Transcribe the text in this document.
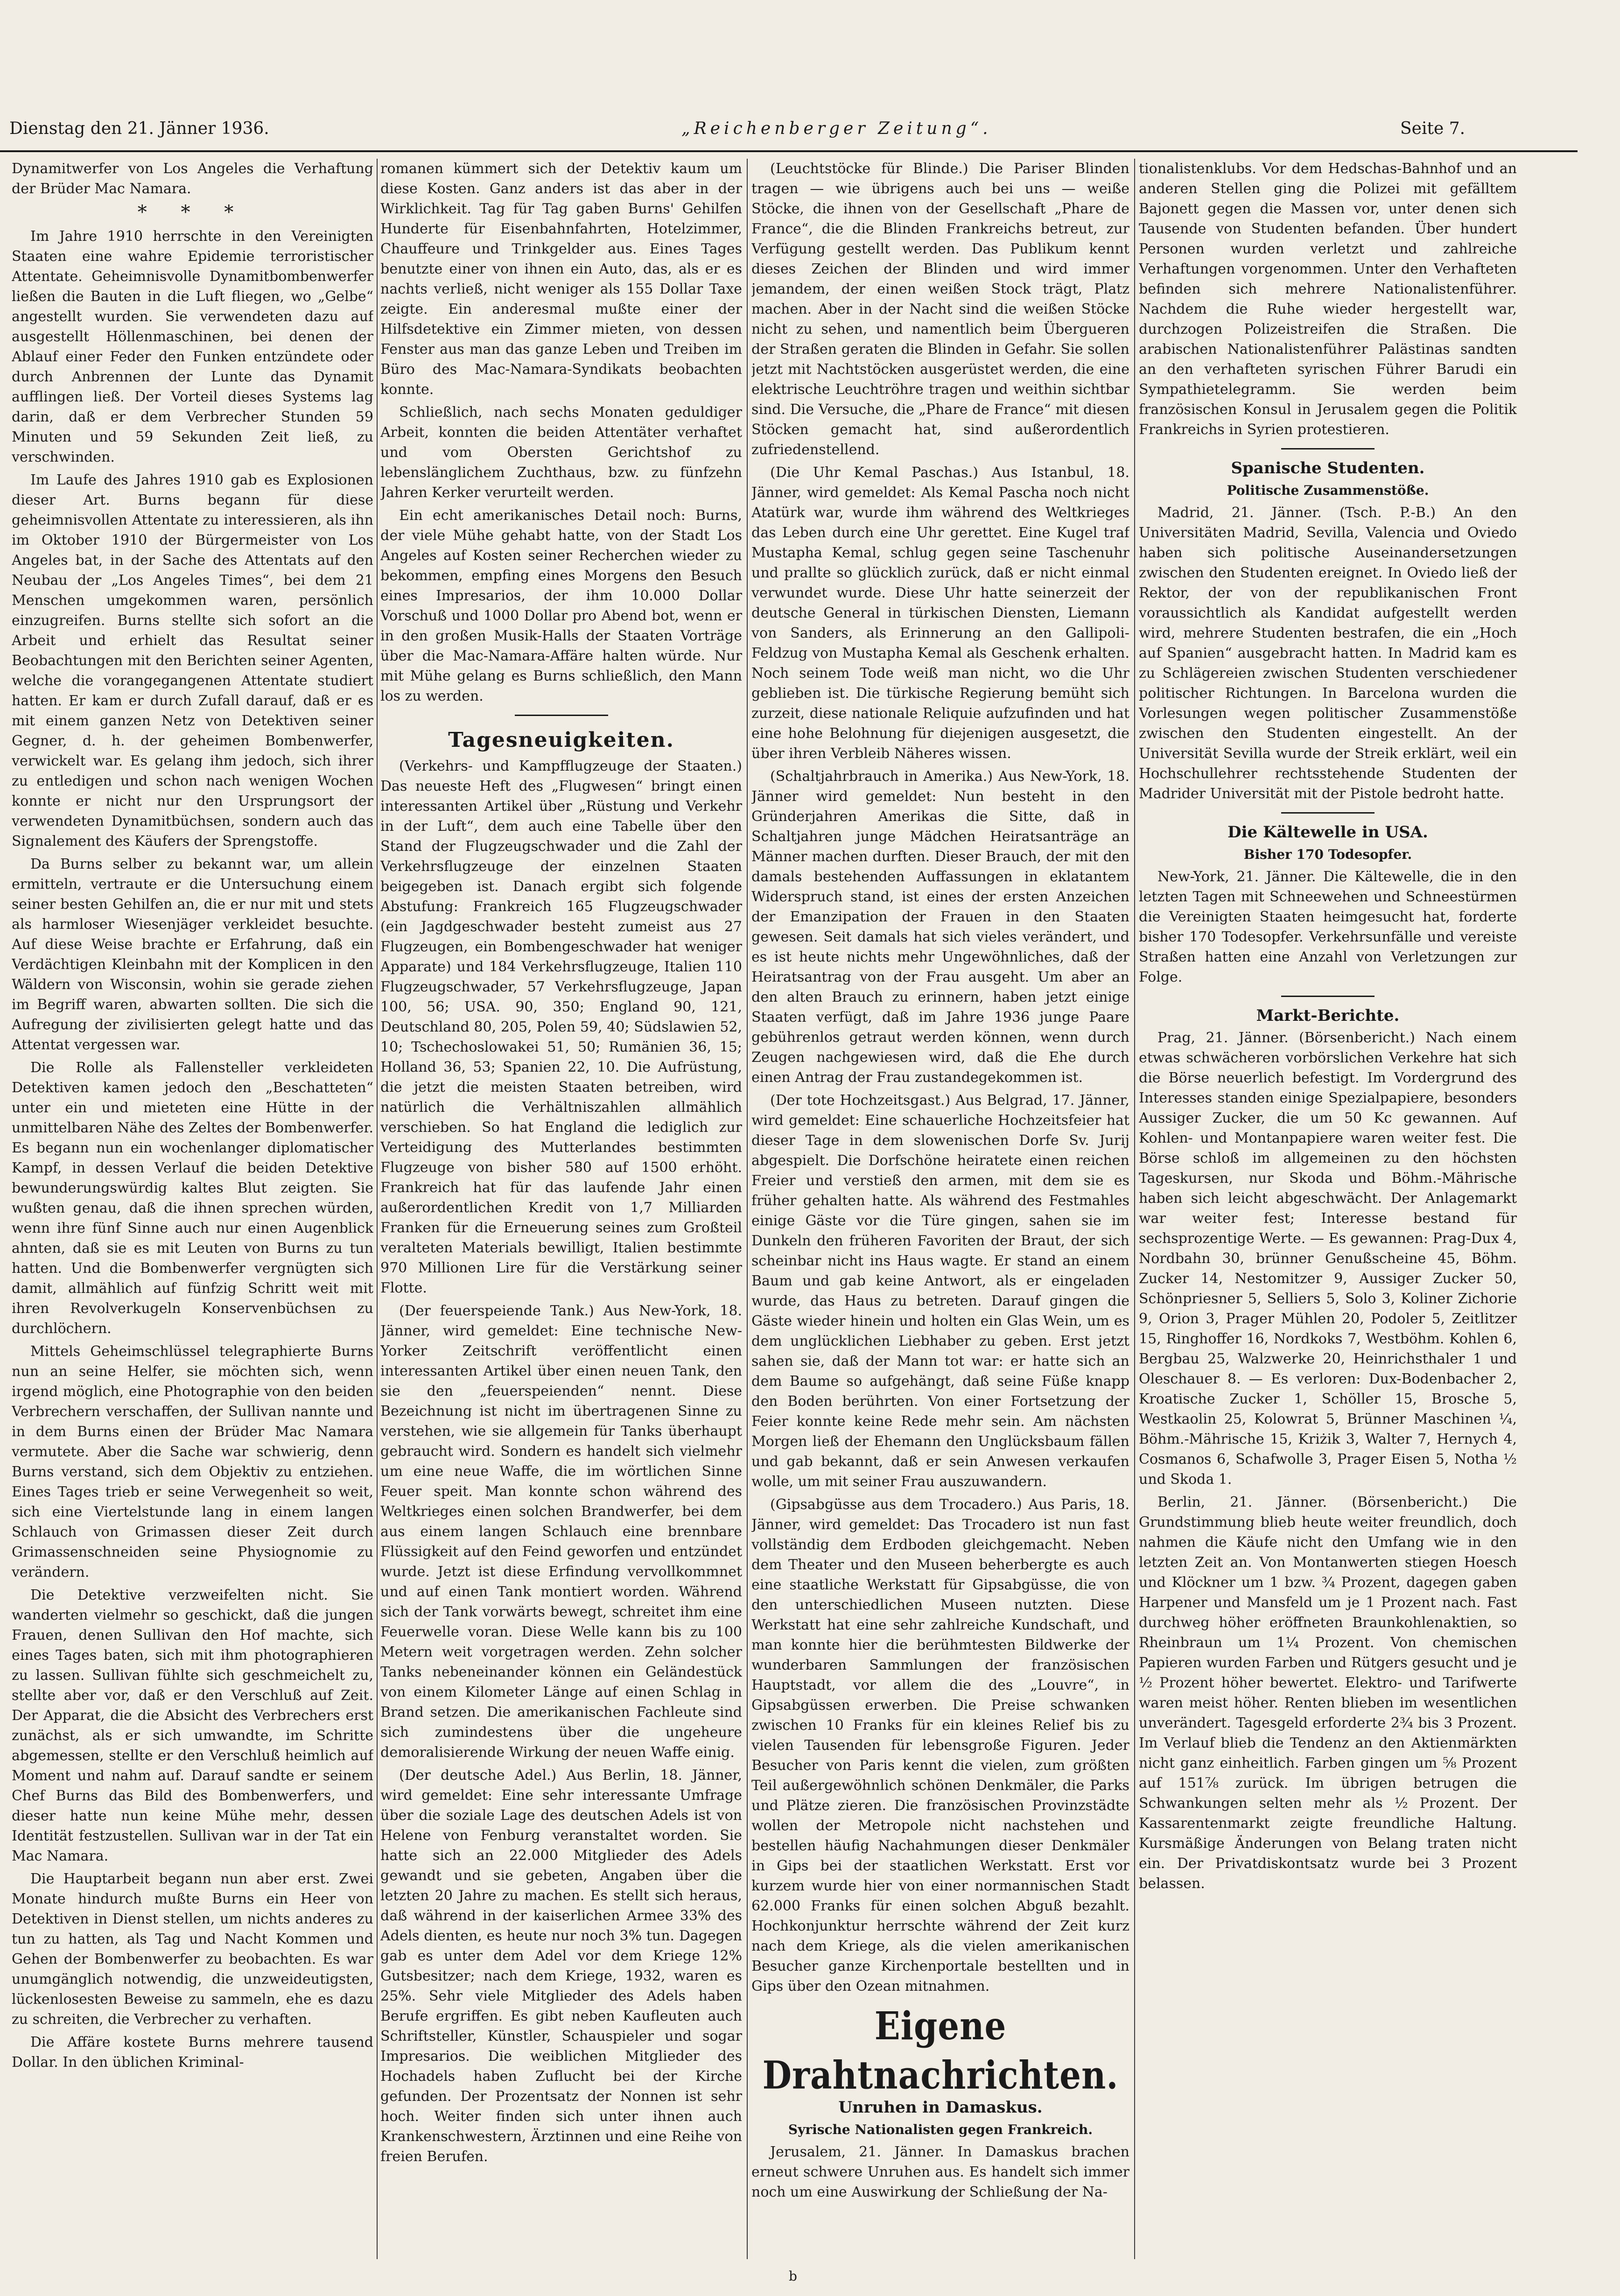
Dienstag den 21. Jänner 1936.	„Reichenberger Zeitung“.	Seite 7.

Dynamitwerfer von Los Angeles die Verhaftung der Brüder Mac Namara.

* * *

Im Jahre 1910 herrschte in den Vereinigten Staaten eine wahre Epidemie terroristischer Attentate. Geheimnisvolle Dynamitbombenwerfer ließen die Bauten in die Luft fliegen, wo „Gelbe“ angestellt wurden. Sie verwendeten dazu auf ausgestellt Höllenmaschinen, bei denen der Ablauf einer Feder den Funken entzündete oder durch Anbrennen der Lunte das Dynamit aufflingen ließ. Der Vorteil dieses Systems lag darin, daß er dem Verbrecher Stunden 59 Minuten und 59 Sekunden Zeit ließ, zu verschwinden.

Im Laufe des Jahres 1910 gab es Explosionen dieser Art. Burns begann für diese geheimnisvollen Attentate zu interessieren, als ihn im Oktober 1910 der Bürgermeister von Los Angeles bat, in der Sache des Attentats auf den Neubau der „Los Angeles Times“, bei dem 21 Menschen umgekommen waren, persönlich einzugreifen. Burns stellte sich sofort an die Arbeit und erhielt das Resultat seiner Beobachtungen mit den Berichten seiner Agenten, welche die vorangegangenen Attentate studiert hatten. Er kam er durch Zufall darauf, daß er es mit einem ganzen Netz von Detektiven seiner Gegner, d. h. der geheimen Bombenwerfer, verwickelt war. Es gelang ihm jedoch, sich ihrer zu entledigen und schon nach wenigen Wochen konnte er nicht nur den Ursprungsort der verwendeten Dynamitbüchsen, sondern auch das Signalement des Käufers der Sprengstoffe.

Da Burns selber zu bekannt war, um allein ermitteln, vertraute er die Untersuchung einem seiner besten Gehilfen an, die er nur mit und stets als harmloser Wiesenjäger verkleidet besuchte. Auf diese Weise brachte er Erfahrung, daß ein Verdächtigen Kleinbahn mit der Komplicen in den Wäldern von Wisconsin, wohin sie gerade ziehen im Begriff waren, abwarten sollten. Die sich die Aufregung der zivilisierten gelegt hatte und das Attentat vergessen war.

Die Rolle als Fallensteller verkleideten Detektiven kamen jedoch den „Beschatteten“ unter ein und mieteten eine Hütte in der unmittelbaren Nähe des Zeltes der Bombenwerfer. Es begann nun ein wochenlanger diplomatischer Kampf, in dessen Verlauf die beiden Detektive bewunderungswürdig kaltes Blut zeigten. Sie wußten genau, daß die ihnen sprechen würden, wenn ihre fünf Sinne auch nur einen Augenblick ahnten, daß sie es mit Leuten von Burns zu tun hatten. Und die Bombenwerfer vergnügten sich damit, allmählich auf fünfzig Schritt weit mit ihren Revolverkugeln Konservenbüchsen zu durchlöchern.

Mittels Geheimschlüssel telegraphierte Burns nun an seine Helfer, sie möchten sich, wenn irgend möglich, eine Photographie von den beiden Verbrechern verschaffen, der Sullivan nannte und in dem Burns einen der Brüder Mac Namara vermutete. Aber die Sache war schwierig, denn Burns verstand, sich dem Objektiv zu entziehen. Eines Tages trieb er seine Verwegenheit so weit, sich eine Viertelstunde lang in einem langen Schlauch von Grimassen dieser Zeit durch Grimassenschneiden seine Physiognomie zu verändern.

Die Detektive verzweifelten nicht. Sie wanderten vielmehr so geschickt, daß die jungen Frauen, denen Sullivan den Hof machte, sich eines Tages baten, sich mit ihm photographieren zu lassen. Sullivan fühlte sich geschmeichelt zu, stellte aber vor, daß er den Verschluß auf Zeit. Der Apparat, die die Absicht des Verbrechers erst zunächst, als er sich umwandte, im Schritte abgemessen, stellte er den Verschluß heimlich auf Moment und nahm auf. Darauf sandte er seinem Chef Burns das Bild des Bombenwerfers, und dieser hatte nun keine Mühe mehr, dessen Identität festzustellen. Sullivan war in der Tat ein Mac Namara.

Die Hauptarbeit begann nun aber erst. Zwei Monate hindurch mußte Burns ein Heer von Detektiven in Dienst stellen, um nichts anderes zu tun zu hatten, als Tag und Nacht Kommen und Gehen der Bombenwerfer zu beobachten. Es war unumgänglich notwendig, die unzweideutigsten, lückenlosesten Beweise zu sammeln, ehe es dazu zu schreiten, die Verbrecher zu verhaften.

Die Affäre kostete Burns mehrere tausend Dollar. In den üblichen Kriminal-

romanen kümmert sich der Detektiv kaum um diese Kosten. Ganz anders ist das aber in der Wirklichkeit. Tag für Tag gaben Burns' Gehilfen Hunderte für Eisenbahnfahrten, Hotelzimmer, Chauffeure und Trinkgelder aus. Eines Tages benutzte einer von ihnen ein Auto, das, als er es nachts verließ, nicht weniger als 155 Dollar Taxe zeigte. Ein anderesmal mußte einer der Hilfsdetektive ein Zimmer mieten, von dessen Fenster aus man das ganze Leben und Treiben im Büro des Mac-Namara-Syndikats beobachten konnte.

Schließlich, nach sechs Monaten geduldiger Arbeit, konnten die beiden Attentäter verhaftet und vom Obersten Gerichtshof zu lebenslänglichem Zuchthaus, bzw. zu fünfzehn Jahren Kerker verurteilt werden.

Ein echt amerikanisches Detail noch: Burns, der viele Mühe gehabt hatte, von der Stadt Los Angeles auf Kosten seiner Recherchen wieder zu bekommen, empfing eines Morgens den Besuch eines Impresarios, der ihm 10.000 Dollar Vorschuß und 1000 Dollar pro Abend bot, wenn er in den großen Musik-Halls der Staaten Vorträge über die Mac-Namara-Affäre halten würde. Nur mit Mühe gelang es Burns schließlich, den Mann los zu werden.

Tagesneuigkeiten.

(Verkehrs- und Kampfflugzeuge der Staaten.) Das neueste Heft des „Flugwesen“ bringt einen interessanten Artikel über „Rüstung und Verkehr in der Luft“, dem auch eine Tabelle über den Stand der Flugzeugschwader und die Zahl der Verkehrsflugzeuge der einzelnen Staaten beigegeben ist. Danach ergibt sich folgende Abstufung: Frankreich 165 Flugzeugschwader (ein Jagdgeschwader besteht zumeist aus 27 Flugzeugen, ein Bombengeschwader hat weniger Apparate) und 184 Verkehrsflugzeuge, Italien 110 Flugzeugschwader, 57 Verkehrsflugzeuge, Japan 100, 56; USA. 90, 350; England 90, 121, Deutschland 80, 205, Polen 59, 40; Südslawien 52, 10; Tschechoslowakei 51, 50; Rumänien 36, 15; Holland 36, 53; Spanien 22, 10. Die Aufrüstung, die jetzt die meisten Staaten betreiben, wird natürlich die Verhältniszahlen allmählich verschieben. So hat England die lediglich zur Verteidigung des Mutterlandes bestimmten Flugzeuge von bisher 580 auf 1500 erhöht. Frankreich hat für das laufende Jahr einen außerordentlichen Kredit von 1,7 Milliarden Franken für die Erneuerung seines zum Großteil veralteten Materials bewilligt, Italien bestimmte 970 Millionen Lire für die Verstärkung seiner Flotte.

(Der feuerspeiende Tank.) Aus New-York, 18. Jänner, wird gemeldet: Eine technische New-Yorker Zeitschrift veröffentlicht einen interessanten Artikel über einen neuen Tank, den sie den „feuerspeienden“ nennt. Diese Bezeichnung ist nicht im übertragenen Sinne zu verstehen, wie sie allgemein für Tanks überhaupt gebraucht wird. Sondern es handelt sich vielmehr um eine neue Waffe, die im wörtlichen Sinne Feuer speit. Man konnte schon während des Weltkrieges einen solchen Brandwerfer, bei dem aus einem langen Schlauch eine brennbare Flüssigkeit auf den Feind geworfen und entzündet wurde. Jetzt ist diese Erfindung vervollkommnet und auf einen Tank montiert worden. Während sich der Tank vorwärts bewegt, schreitet ihm eine Feuerwelle voran. Diese Welle kann bis zu 100 Metern weit vorgetragen werden. Zehn solcher Tanks nebeneinander können ein Geländestück von einem Kilometer Länge auf einen Schlag in Brand setzen. Die amerikanischen Fachleute sind sich zumindestens über die ungeheure demoralisierende Wirkung der neuen Waffe einig.

(Der deutsche Adel.) Aus Berlin, 18. Jänner, wird gemeldet: Eine sehr interessante Umfrage über die soziale Lage des deutschen Adels ist von Helene von Fenburg veranstaltet worden. Sie hatte sich an 22.000 Mitglieder des Adels gewandt und sie gebeten, Angaben über die letzten 20 Jahre zu machen. Es stellt sich heraus, daß während in der kaiserlichen Armee 33% des Adels dienten, es heute nur noch 3% tun. Dagegen gab es unter dem Adel vor dem Kriege 12% Gutsbesitzer; nach dem Kriege, 1932, waren es 25%. Sehr viele Mitglieder des Adels haben Berufe ergriffen. Es gibt neben Kaufleuten auch Schriftsteller, Künstler, Schauspieler und sogar Impresarios. Die weiblichen Mitglieder des Hochadels haben Zuflucht bei der Kirche gefunden. Der Prozentsatz der Nonnen ist sehr hoch. Weiter finden sich unter ihnen auch Krankenschwestern, Ärztinnen und eine Reihe von freien Berufen.

(Leuchtstöcke für Blinde.) Die Pariser Blinden tragen — wie übrigens auch bei uns — weiße Stöcke, die ihnen von der Gesellschaft „Phare de France“, die die Blinden Frankreichs betreut, zur Verfügung gestellt werden. Das Publikum kennt dieses Zeichen der Blinden und wird immer jemandem, der einen weißen Stock trägt, Platz machen. Aber in der Nacht sind die weißen Stöcke nicht zu sehen, und namentlich beim Übergueren der Straßen geraten die Blinden in Gefahr. Sie sollen jetzt mit Nachtstöcken ausgerüstet werden, die eine elektrische Leuchtröhre tragen und weithin sichtbar sind. Die Versuche, die „Phare de France“ mit diesen Stöcken gemacht hat, sind außerordentlich zufriedenstellend.

(Die Uhr Kemal Paschas.) Aus Istanbul, 18. Jänner, wird gemeldet: Als Kemal Pascha noch nicht Atatürk war, wurde ihm während des Weltkrieges das Leben durch eine Uhr gerettet. Eine Kugel traf Mustapha Kemal, schlug gegen seine Taschenuhr und prallte so glücklich zurück, daß er nicht einmal verwundet wurde. Diese Uhr hatte seinerzeit der deutsche General in türkischen Diensten, Liemann von Sanders, als Erinnerung an den Gallipoli-Feldzug von Mustapha Kemal als Geschenk erhalten. Noch seinem Tode weiß man nicht, wo die Uhr geblieben ist. Die türkische Regierung bemüht sich zurzeit, diese nationale Reliquie aufzufinden und hat eine hohe Belohnung für diejenigen ausgesetzt, die über ihren Verbleib Näheres wissen.

(Schaltjahrbrauch in Amerika.) Aus New-York, 18. Jänner wird gemeldet: Nun besteht in den Gründerjahren Amerikas die Sitte, daß in Schaltjahren junge Mädchen Heiratsanträge an Männer machen durften. Dieser Brauch, der mit den damals bestehenden Auffassungen in eklatantem Widerspruch stand, ist eines der ersten Anzeichen der Emanzipation der Frauen in den Staaten gewesen. Seit damals hat sich vieles verändert, und es ist heute nichts mehr Ungewöhnliches, daß der Heiratsantrag von der Frau ausgeht. Um aber an den alten Brauch zu erinnern, haben jetzt einige Staaten verfügt, daß im Jahre 1936 junge Paare gebührenlos getraut werden können, wenn durch Zeugen nachgewiesen wird, daß die Ehe durch einen Antrag der Frau zustandegekommen ist.

(Der tote Hochzeitsgast.) Aus Belgrad, 17. Jänner, wird gemeldet: Eine schauerliche Hochzeitsfeier hat dieser Tage in dem slowenischen Dorfe Sv. Jurij abgespielt. Die Dorfschöne heiratete einen reichen Freier und verstieß den armen, mit dem sie es früher gehalten hatte. Als während des Festmahles einige Gäste vor die Türe gingen, sahen sie im Dunkeln den früheren Favoriten der Braut, der sich scheinbar nicht ins Haus wagte. Er stand an einem Baum und gab keine Antwort, als er eingeladen wurde, das Haus zu betreten. Darauf gingen die Gäste wieder hinein und holten ein Glas Wein, um es dem unglücklichen Liebhaber zu geben. Erst jetzt sahen sie, daß der Mann tot war: er hatte sich an dem Baume so aufgehängt, daß seine Füße knapp den Boden berührten. Von einer Fortsetzung der Feier konnte keine Rede mehr sein. Am nächsten Morgen ließ der Ehemann den Unglücksbaum fällen und gab bekannt, daß er sein Anwesen verkaufen wolle, um mit seiner Frau auszuwandern.

(Gipsabgüsse aus dem Trocadero.) Aus Paris, 18. Jänner, wird gemeldet: Das Trocadero ist nun fast vollständig dem Erdboden gleichgemacht. Neben dem Theater und den Museen beherbergte es auch eine staatliche Werkstatt für Gipsabgüsse, die von den unterschiedlichen Museen nutzten. Diese Werkstatt hat eine sehr zahlreiche Kundschaft, und man konnte hier die berühmtesten Bildwerke der wunderbaren Sammlungen der französischen Hauptstadt, vor allem die des „Louvre“, in Gipsabgüssen erwerben. Die Preise schwanken zwischen 10 Franks für ein kleines Relief bis zu vielen Tausenden für lebensgroße Figuren. Jeder Besucher von Paris kennt die vielen, zum größten Teil außergewöhnlich schönen Denkmäler, die Parks und Plätze zieren. Die französischen Provinzstädte wollen der Metropole nicht nachstehen und bestellen häufig Nachahmungen dieser Denkmäler in Gips bei der staatlichen Werkstatt. Erst vor kurzem wurde hier von einer normannischen Stadt 62.000 Franks für einen solchen Abguß bezahlt. Hochkonjunktur herrschte während der Zeit kurz nach dem Kriege, als die vielen amerikanischen Besucher ganze Kirchenportale bestellten und in Gips über den Ozean mitnahmen.

Eigene Drahtnachrichten.
Unruhen in Damaskus.
Syrische Nationalisten gegen Frankreich.

Jerusalem, 21. Jänner. In Damaskus brachen erneut schwere Unruhen aus. Es handelt sich immer noch um eine Auswirkung der Schließung der Na-

tionalistenklubs. Vor dem Hedschas-Bahnhof und an anderen Stellen ging die Polizei mit gefälltem Bajonett gegen die Massen vor, unter denen sich Tausende von Studenten befanden. Über hundert Personen wurden verletzt und zahlreiche Verhaftungen vorgenommen. Unter den Verhafteten befinden sich mehrere Nationalistenführer. Nachdem die Ruhe wieder hergestellt war, durchzogen Polizeistreifen die Straßen. Die arabischen Nationalistenführer Palästinas sandten an den verhafteten syrischen Führer Barudi ein Sympathietelegramm. Sie werden beim französischen Konsul in Jerusalem gegen die Politik Frankreichs in Syrien protestieren.

Spanische Studenten.
Politische Zusammenstöße.

Madrid, 21. Jänner. (Tsch. P.-B.) An den Universitäten Madrid, Sevilla, Valencia und Oviedo haben sich politische Auseinandersetzungen zwischen den Studenten ereignet. In Oviedo ließ der Rektor, der von der republikanischen Front voraussichtlich als Kandidat aufgestellt werden wird, mehrere Studenten bestrafen, die ein „Hoch auf Spanien“ ausgebracht hatten. In Madrid kam es zu Schlägereien zwischen Studenten verschiedener politischer Richtungen. In Barcelona wurden die Vorlesungen wegen politischer Zusammenstöße zwischen den Studenten eingestellt. An der Universität Sevilla wurde der Streik erklärt, weil ein Hochschullehrer rechtsstehende Studenten der Madrider Universität mit der Pistole bedroht hatte.

Die Kältewelle in USA.
Bisher 170 Todesopfer.

New-York, 21. Jänner. Die Kältewelle, die in den letzten Tagen mit Schneewehen und Schneestürmen die Vereinigten Staaten heimgesucht hat, forderte bisher 170 Todesopfer. Verkehrsunfälle und vereiste Straßen hatten eine Anzahl von Verletzungen zur Folge.

Markt-Berichte.

Prag, 21. Jänner. (Börsenbericht.) Nach einem etwas schwächeren vorbörslichen Verkehre hat sich die Börse neuerlich befestigt. Im Vordergrund des Interesses standen einige Spezialpapiere, besonders Aussiger Zucker, die um 50 Kc gewannen. Auf Kohlen- und Montanpapiere waren weiter fest. Die Börse schloß im allgemeinen zu den höchsten Tageskursen, nur Skoda und Böhm.-Mährische haben sich leicht abgeschwächt. Der Anlagemarkt war weiter fest; Interesse bestand für sechsprozentige Werte. — Es gewannen: Prag-Dux 4, Nordbahn 30, brünner Genußscheine 45, Böhm. Zucker 14, Nestomitzer 9, Aussiger Zucker 50, Schönpriesner 5, Selliers 5, Solo 3, Koliner Zichorie 9, Orion 3, Prager Mühlen 20, Podoler 5, Zeitlitzer 15, Ringhoffer 16, Nordkoks 7, Westböhm. Kohlen 6, Bergbau 25, Walzwerke 20, Heinrichsthaler 1 und Oleschauer 8. — Es verloren: Dux-Bodenbacher 2, Kroatische Zucker 1, Schöller 15, Brosche 5, Westkaolin 25, Kolowrat 5, Brünner Maschinen ¼, Böhm.-Mährische 15, Kriżik 3, Walter 7, Hernych 4, Cosmanos 6, Schafwolle 3, Prager Eisen 5, Notha ½ und Skoda 1.

Berlin, 21. Jänner. (Börsenbericht.) Die Grundstimmung blieb heute weiter freundlich, doch nahmen die Käufe nicht den Umfang wie in den letzten Zeit an. Von Montanwerten stiegen Hoesch und Klöckner um 1 bzw. ¾ Prozent, dagegen gaben Harpener und Mansfeld um je 1 Prozent nach. Fast durchweg höher eröffneten Braunkohlenaktien, so Rheinbraun um 1¼ Prozent. Von chemischen Papieren wurden Farben und Rütgers gesucht und je ½ Prozent höher bewertet. Elektro- und Tarifwerte waren meist höher. Renten blieben im wesentlichen unverändert. Tagesgeld erforderte 2¾ bis 3 Prozent. Im Verlauf blieb die Tendenz an den Aktienmärkten nicht ganz einheitlich. Farben gingen um ⅝ Prozent auf 151⅞ zurück. Im übrigen betrugen die Schwankungen selten mehr als ½ Prozent. Der Kassarentenmarkt zeigte freundliche Haltung. Kursmäßige Änderungen von Belang traten nicht ein. Der Privatdiskontsatz wurde bei 3 Prozent belassen.

b
